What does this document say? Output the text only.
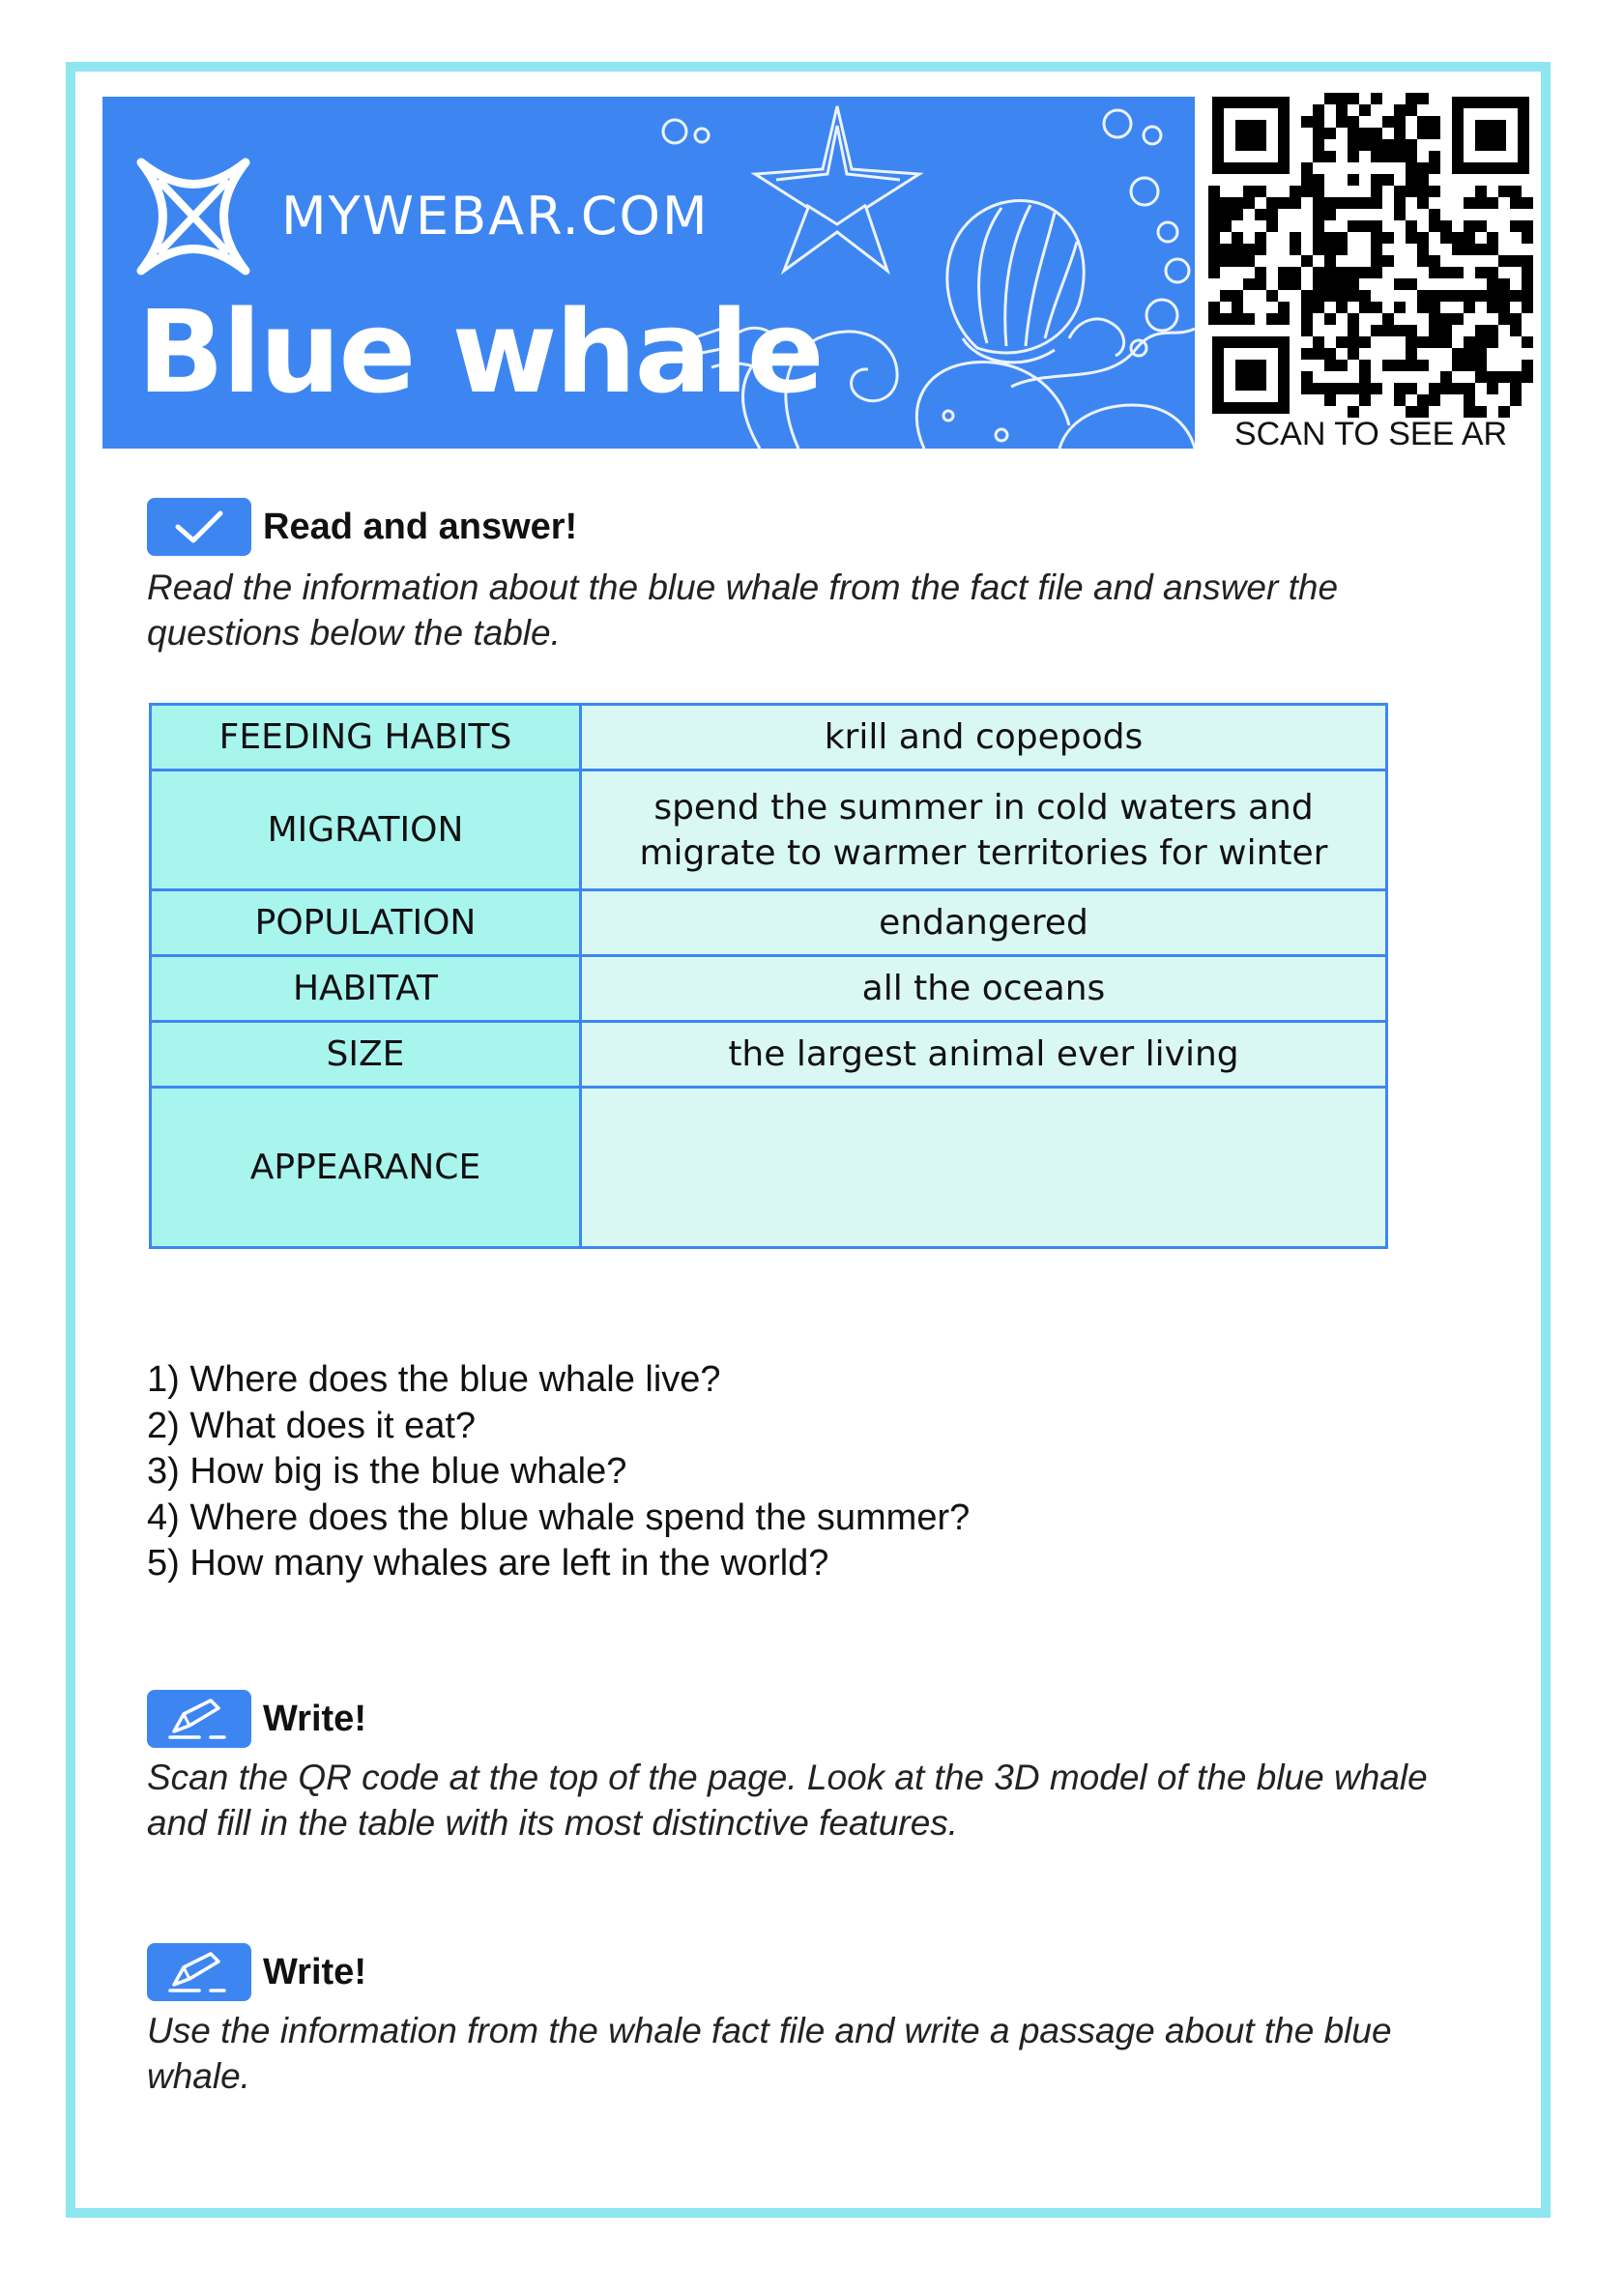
MYWEBAR.COM
Blue whale
SCAN TO SEE AR
Read and answer!
Read the information about the blue whale from the fact file and answer the questions below the table.
FEEDING HABITS	krill and copepods
MIGRATION	spend the summer in cold waters and migrate to warmer territories for winter
POPULATION	endangered
HABITAT	all the oceans
SIZE	the largest animal ever living
APPEARANCE	
1) Where does the blue whale live?
2) What does it eat?
3) How big is the blue whale?
4) Where does the blue whale spend the summer?
5) How many whales are left in the world?
Write!
Scan the QR code at the top of the page. Look at the 3D model of the blue whale and fill in the table with its most distinctive features.
Write!
Use the information from the whale fact file and write a passage about the blue whale.
